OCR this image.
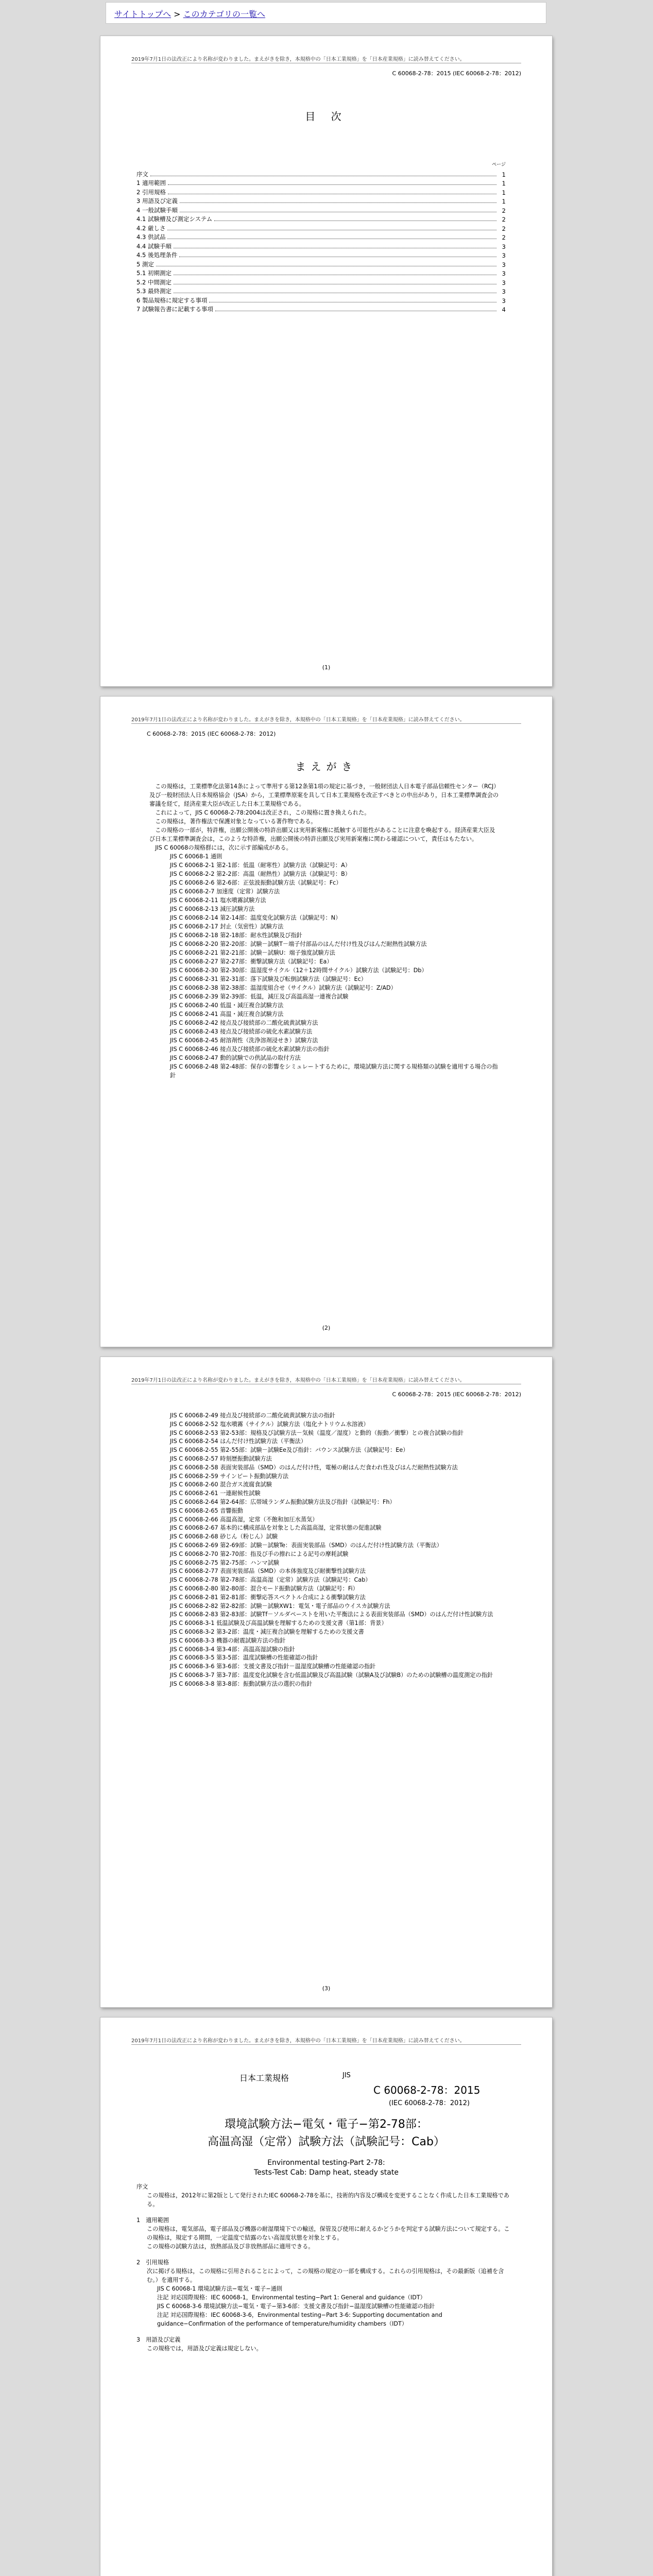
サイトトップへ > このカテゴリの一覧へ
2019年7月1日の法改正により名称が変わりました。まえがきを除き，本規格中の「日本工業規格」を「日本産業規格」に読み替えてください。
C 60068-2-78：2015 (IEC 60068-2-78：2012)
目 次
ページ
序文	1
1 適用範囲	1
2 引用規格	1
3 用語及び定義	1
4 一般試験手順	2
4.1 試験槽及び測定システム	2
4.2 厳しさ	2
4.3 供試品	2
4.4 試験手順	3
4.5 後処理条件	3
5 測定	3
5.1 初期測定	3
5.2 中間測定	3
5.3 最終測定	3
6 製品規格に規定する事項	3
7 試験報告書に記載する事項	4
(1)
2019年7月1日の法改正により名称が変わりました。まえがきを除き，本規格中の「日本工業規格」を「日本産業規格」に読み替えてください。
C 60068-2-78：2015 (IEC 60068-2-78：2012)
まえがき

この規格は，工業標準化法第14条によって準用する第12条第1項の規定に基づき，一般財団法人日本電子部品信頼性センター（RCJ）及び一般財団法人日本規格協会（JSA）から，工業標準原案を具して日本工業規格を改正すべきとの申出があり，日本工業標準調査会の審議を経て，経済産業大臣が改正した日本工業規格である。

これによって，JIS C 60068-2-78:2004は改正され，この規格に置き換えられた。

この規格は，著作権法で保護対象となっている著作物である。

この規格の一部が，特許権，出願公開後の特許出願又は実用新案権に抵触する可能性があることに注意を喚起する。経済産業大臣及び日本工業標準調査会は，このような特許権，出願公開後の特許出願及び実用新案権に関わる確認について，責任はもたない。

JIS C 60068の規格群には，次に示す部編成がある。

JIS C 60068-1 通則
JIS C 60068-2-1 第2-1部：低温（耐寒性）試験方法（試験記号：A）
JIS C 60068-2-2 第2-2部：高温（耐熱性）試験方法（試験記号：B）
JIS C 60068-2-6 第2-6部：正弦波振動試験方法（試験記号：Fc）
JIS C 60068-2-7 加速度（定常）試験方法
JIS C 60068-2-11 塩水噴霧試験方法
JIS C 60068-2-13 減圧試験方法
JIS C 60068-2-14 第2-14部：温度変化試験方法（試験記号：N）
JIS C 60068-2-17 封止（気密性）試験方法
JIS C 60068-2-18 第2-18部：耐水性試験及び指針
JIS C 60068-2-20 第2-20部：試験－試験T－端子付部品のはんだ付け性及びはんだ耐熱性試験方法
JIS C 60068-2-21 第2-21部：試験－試験U：端子強度試験方法
JIS C 60068-2-27 第2-27部：衝撃試験方法（試験記号：Ea）
JIS C 60068-2-30 第2-30部：温湿度サイクル（12＋12時間サイクル）試験方法（試験記号：Db）
JIS C 60068-2-31 第2-31部：落下試験及び転倒試験方法（試験記号：Ec）
JIS C 60068-2-38 第2-38部：温湿度組合せ（サイクル）試験方法（試験記号：Z/AD）
JIS C 60068-2-39 第2-39部：低温，減圧及び高温高湿一連複合試験
JIS C 60068-2-40 低温・減圧複合試験方法
JIS C 60068-2-41 高温・減圧複合試験方法
JIS C 60068-2-42 接点及び接続部の二酸化硫黄試験方法
JIS C 60068-2-43 接点及び接続部の硫化水素試験方法
JIS C 60068-2-45 耐溶剤性（洗浄溶剤浸せき）試験方法
JIS C 60068-2-46 接点及び接続部の硫化水素試験方法の指針
JIS C 60068-2-47 動的試験での供試品の取付方法
JIS C 60068-2-48 第2-48部：保存の影響をシミュレートするために，環境試験方法に関する規格類の試験を適用する場合の指針
(2)
2019年7月1日の法改正により名称が変わりました。まえがきを除き，本規格中の「日本工業規格」を「日本産業規格」に読み替えてください。
C 60068-2-78：2015 (IEC 60068-2-78：2012)
JIS C 60068-2-49 接点及び接続部の二酸化硫黄試験方法の指針
JIS C 60068-2-52 塩水噴霧（サイクル）試験方法（塩化ナトリウム水溶液）
JIS C 60068-2-53 第2-53部：規格及び試験方法－気候（温度／湿度）と動的（振動／衝撃）との複合試験の指針
JIS C 60068-2-54 はんだ付け性試験方法（平衡法）
JIS C 60068-2-55 第2-55部：試験－試験Ee及び指針：バウンス試験方法（試験記号：Ee）
JIS C 60068-2-57 時刻歴振動試験方法
JIS C 60068-2-58 表面実装部品（SMD）のはんだ付け性，電極の耐はんだ食われ性及びはんだ耐熱性試験方法
JIS C 60068-2-59 サインビート振動試験方法
JIS C 60068-2-60 混合ガス流腐食試験
JIS C 60068-2-61 一連耐候性試験
JIS C 60068-2-64 第2-64部：広帯域ランダム振動試験方法及び指針（試験記号：Fh）
JIS C 60068-2-65 音響振動
JIS C 60068-2-66 高温高湿，定常（不飽和加圧水蒸気）
JIS C 60068-2-67 基本的に構成部品を対象とした高温高湿，定常状態の促進試験
JIS C 60068-2-68 砂じん（粉じん）試験
JIS C 60068-2-69 第2-69部：試験－試験Te：表面実装部品（SMD）のはんだ付け性試験方法（平衡法）
JIS C 60068-2-70 第2-70部：指及び手の擦れによる記号の摩耗試験
JIS C 60068-2-75 第2-75部：ハンマ試験
JIS C 60068-2-77 表面実装部品（SMD）の本体強度及び耐衝撃性試験方法
JIS C 60068-2-78 第2-78部：高温高湿（定常）試験方法（試験記号：Cab）
JIS C 60068-2-80 第2-80部：混合モード振動試験方法（試験記号：Fi）
JIS C 60068-2-81 第2-81部：衝撃応答スペクトル合成による衝撃試験方法
JIS C 60068-2-82 第2-82部：試験－試験XW1：電気・電子部品のウイスカ試験方法
JIS C 60068-2-83 第2-83部：試験Tf－ソルダペーストを用いた平衡法による表面実装部品（SMD）のはんだ付け性試験方法
JIS C 60068-3-1 低温試験及び高温試験を理解するための支援文書（第1部：背景）
JIS C 60068-3-2 第3-2部：温度・減圧複合試験を理解するための支援文書
JIS C 60068-3-3 機器の耐震試験方法の指針
JIS C 60068-3-4 第3-4部：高温高湿試験の指針
JIS C 60068-3-5 第3-5部：温度試験槽の性能確認の指針
JIS C 60068-3-6 第3-6部：支援文書及び指針－温湿度試験槽の性能確認の指針
JIS C 60068-3-7 第3-7部：温度変化試験を含む低温試験及び高温試験（試験A及び試験B）のための試験槽の温度測定の指針
JIS C 60068-3-8 第3-8部：振動試験方法の選択の指針
(3)
2019年7月1日の法改正により名称が変わりました。まえがきを除き，本規格中の「日本工業規格」を「日本産業規格」に読み替えてください。
日本工業規格	JIS
C 60068-2-78：2015
(IEC 60068-2-78：2012)
環境試験方法−電気・電子−第2-78部：
高温高湿（定常）試験方法（試験記号：Cab）
Environmental testing-Part 2-78:
Tests-Test Cab: Damp heat, steady state
序文
この規格は，2012年に第2版として発行されたIEC 60068-2-78を基に，技術的内容及び構成を変更することなく作成した日本工業規格である。
1　適用範囲
この規格は，電気部品，電子部品及び機器の耐湿環境下での輸送，保管及び使用に耐えるかどうかを判定する試験方法について規定する。この規格は，規定する期間，一定温度で結露のない高湿度状態を対象とする。
この規格の試験方法は，放熱部品及び非放熱部品に適用できる。
2　引用規格
次に掲げる規格は，この規格に引用されることによって，この規格の規定の一部を構成する。これらの引用規格は，その最新版（追補を含む。）を適用する。
JIS C 60068-1 環境試験方法−電気・電子−通則
注記 対応国際規格：IEC 60068-1，Environmental testing−Part 1: General and guidance（IDT）
JIS C 60068-3-6 環境試験方法−電気・電子−第3-6部：支援文書及び指針−温湿度試験槽の性能確認の指針
注記 対応国際規格：IEC 60068-3-6，Environmental testing−Part 3-6: Supporting documentation and guidance−Confirmation of the performance of temperature/humidity chambers（IDT）
3　用語及び定義
この規格では，用語及び定義は規定しない。
